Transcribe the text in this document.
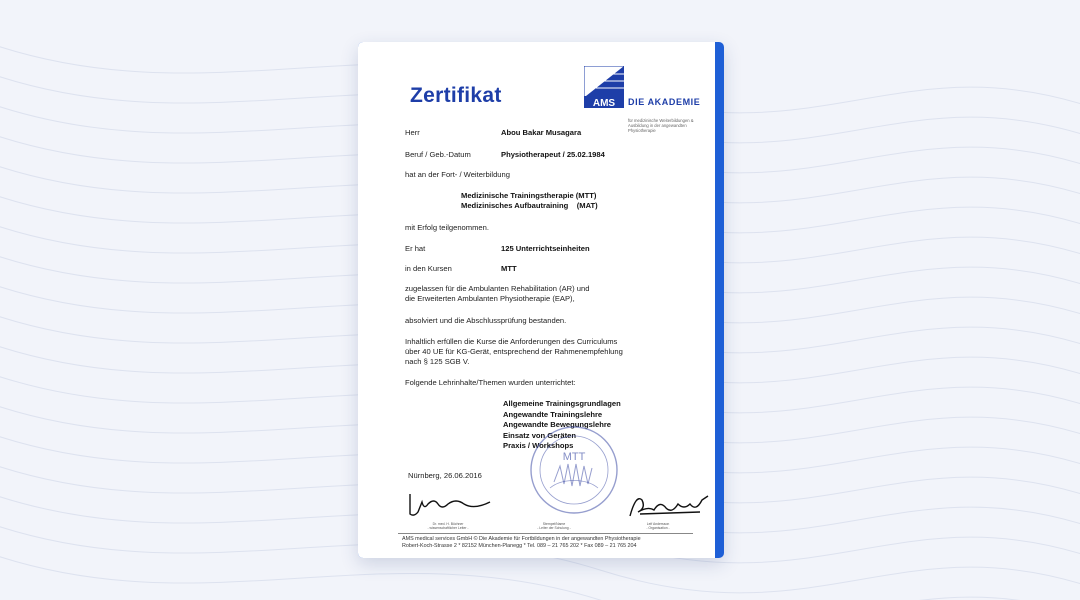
Zertifikat	AMS DIE AKADEMIE
für medizinische Weiterbildungen & Ausbildung in der angewandten Physiotherapie
Herr	Abou Bakar Musagara
Beruf / Geb.-Datum	Physiotherapeut / 25.02.1984
hat an der Fort- / Weiterbildung
Medizinische Trainingstherapie (MTT)
Medizinisches Aufbautraining    (MAT)
mit Erfolg teilgenommen.
Er hat	125 Unterrichtseinheiten
in den Kursen	MTT
zugelassen für die Ambulanten Rehabilitation (AR) und
die Erweiterten Ambulanten Physiotherapie (EAP),
absolviert und die Abschlussprüfung bestanden.
Inhaltlich erfüllen die Kurse die Anforderungen des Curriculums
über 40 UE für KG-Gerät, entsprechend der Rahmenempfehlung
nach § 125 SGB V.
Folgende Lehrinhalte/Themen wurden unterrichtet:
Allgemeine Trainingsgrundlagen
Angewandte Trainingslehre
Angewandte Bewegungslehre
Einsatz von Geräten
Praxis / Workshops
Nürnberg, 26.06.2016
MTT
Dr. med. H. Büchner
- wissenschaftlicher Leiter -
Stempel/Name
- Leiter der Schulung -
Leif Andersson
- Organisation -
AMS medical services GmbH © Die Akademie für Fortbildungen in der angewandten Physiotherapie
Robert-Koch-Strasse 2 * 82152 München-Planegg * Tel. 089 – 21 765 202 * Fax 089 – 21 765 204
